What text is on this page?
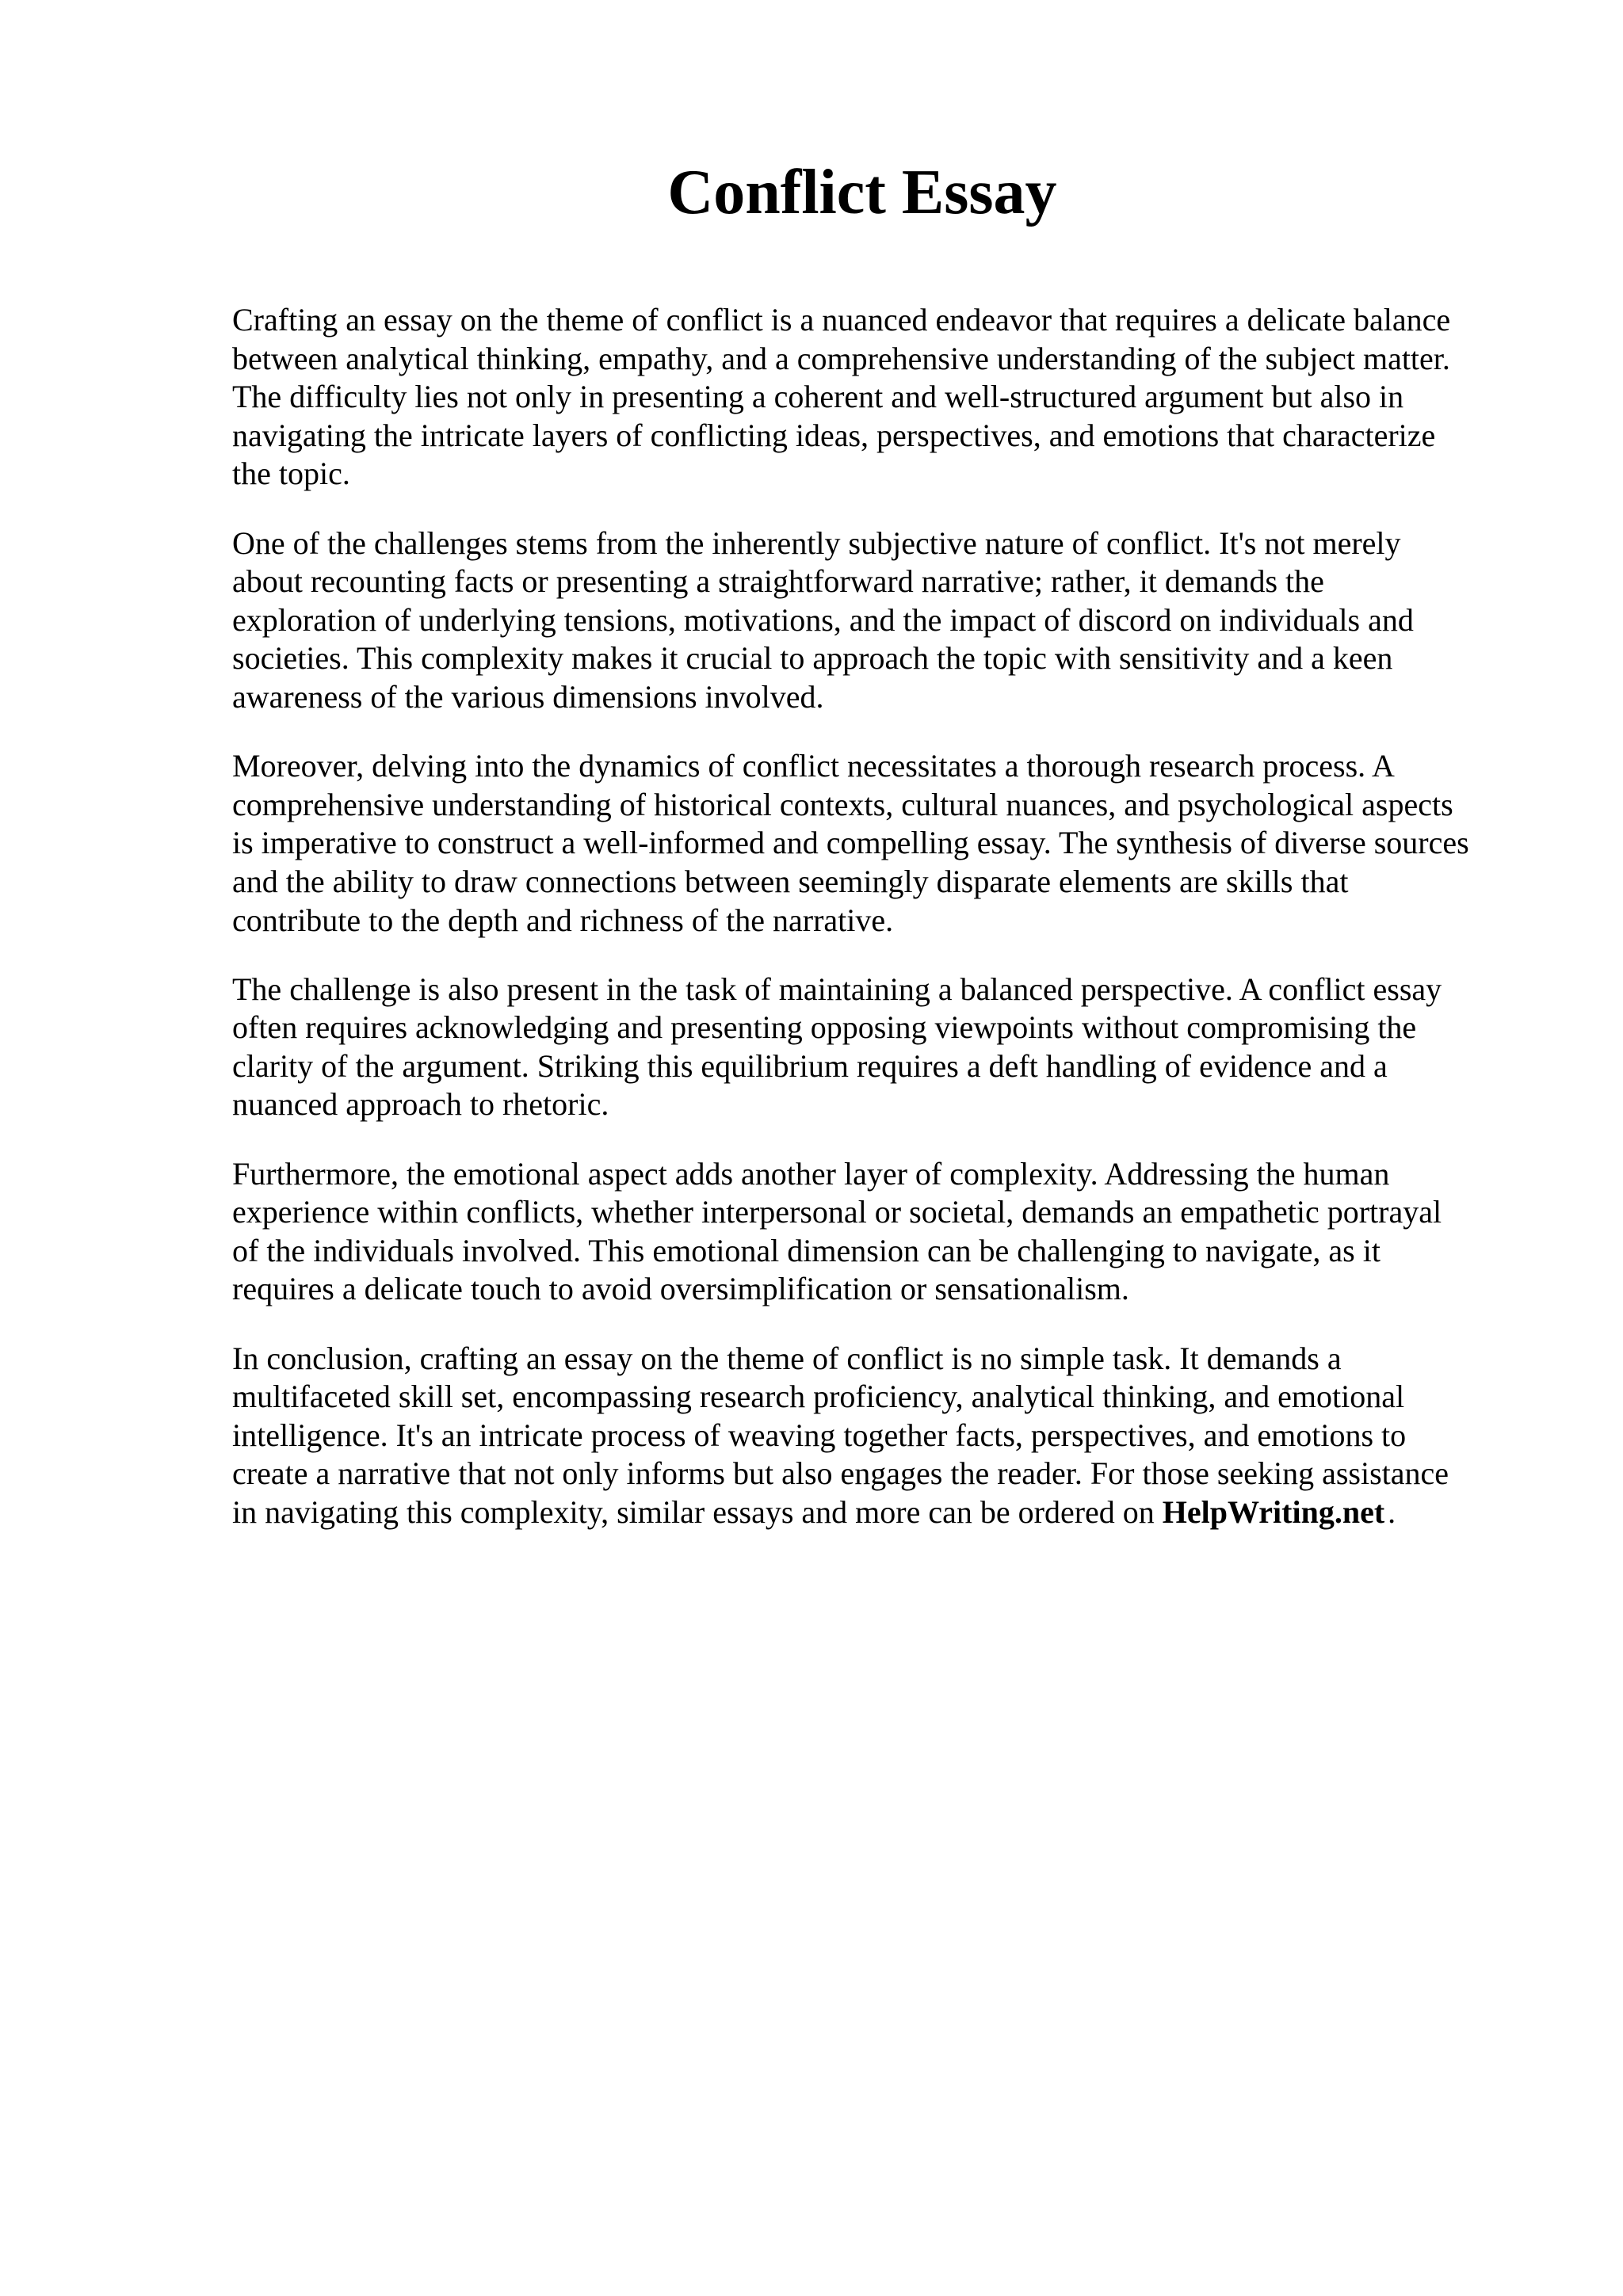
Conflict Essay

Crafting an essay on the theme of conflict is a nuanced endeavor that requires a delicate balance
between analytical thinking, empathy, and a comprehensive understanding of the subject matter.
The difficulty lies not only in presenting a coherent and well-structured argument but also in
navigating the intricate layers of conflicting ideas, perspectives, and emotions that characterize
the topic.

One of the challenges stems from the inherently subjective nature of conflict. It's not merely
about recounting facts or presenting a straightforward narrative; rather, it demands the
exploration of underlying tensions, motivations, and the impact of discord on individuals and
societies. This complexity makes it crucial to approach the topic with sensitivity and a keen
awareness of the various dimensions involved.

Moreover, delving into the dynamics of conflict necessitates a thorough research process. A
comprehensive understanding of historical contexts, cultural nuances, and psychological aspects
is imperative to construct a well-informed and compelling essay. The synthesis of diverse sources
and the ability to draw connections between seemingly disparate elements are skills that
contribute to the depth and richness of the narrative.

The challenge is also present in the task of maintaining a balanced perspective. A conflict essay
often requires acknowledging and presenting opposing viewpoints without compromising the
clarity of the argument. Striking this equilibrium requires a deft handling of evidence and a
nuanced approach to rhetoric.

Furthermore, the emotional aspect adds another layer of complexity. Addressing the human
experience within conflicts, whether interpersonal or societal, demands an empathetic portrayal
of the individuals involved. This emotional dimension can be challenging to navigate, as it
requires a delicate touch to avoid oversimplification or sensationalism.

In conclusion, crafting an essay on the theme of conflict is no simple task. It demands a
multifaceted skill set, encompassing research proficiency, analytical thinking, and emotional
intelligence. It's an intricate process of weaving together facts, perspectives, and emotions to
create a narrative that not only informs but also engages the reader. For those seeking assistance
in navigating this complexity, similar essays and more can be ordered on HelpWriting.net .
